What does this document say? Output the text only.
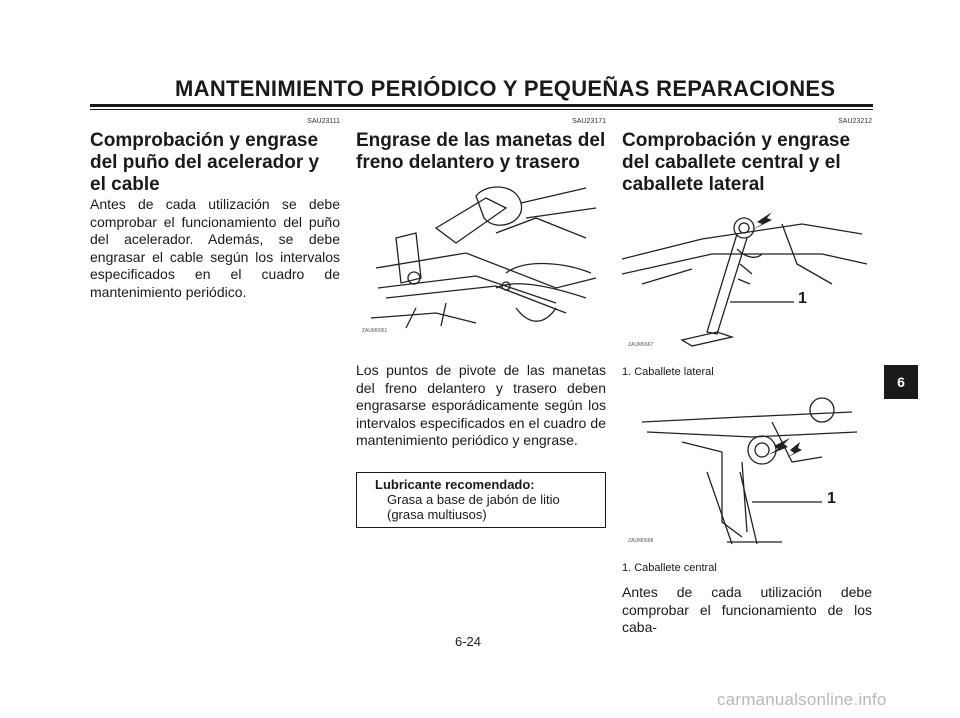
MANTENIMIENTO PERIÓDICO Y PEQUEÑAS REPARACIONES
SAU23111
Comprobación y engrase del puño del acelerador y el cable
Antes de cada utilización se debe comprobar el funcionamiento del puño del acelerador. Además, se debe engrasar el cable según los intervalos especificados en el cuadro de mantenimiento periódico.
SAU23171
Engrase de las manetas del freno delantero y trasero
ZAUM0061
Los puntos de pivote de las manetas del freno delantero y trasero deben engrasarse esporádicamente según los intervalos especificados en el cuadro de mantenimiento periódico y engrase.
Lubricante recomendado:
Grasa a base de jabón de litio (grasa multiusos)
SAU23212
Comprobación y engrase del caballete central y el caballete lateral
ZAUM0667
1
1. Caballete lateral
ZAUM0668
1
1. Caballete central
Antes de cada utilización debe comprobar el funcionamiento de los caba-
6-24
6
carmanualsonline.info
